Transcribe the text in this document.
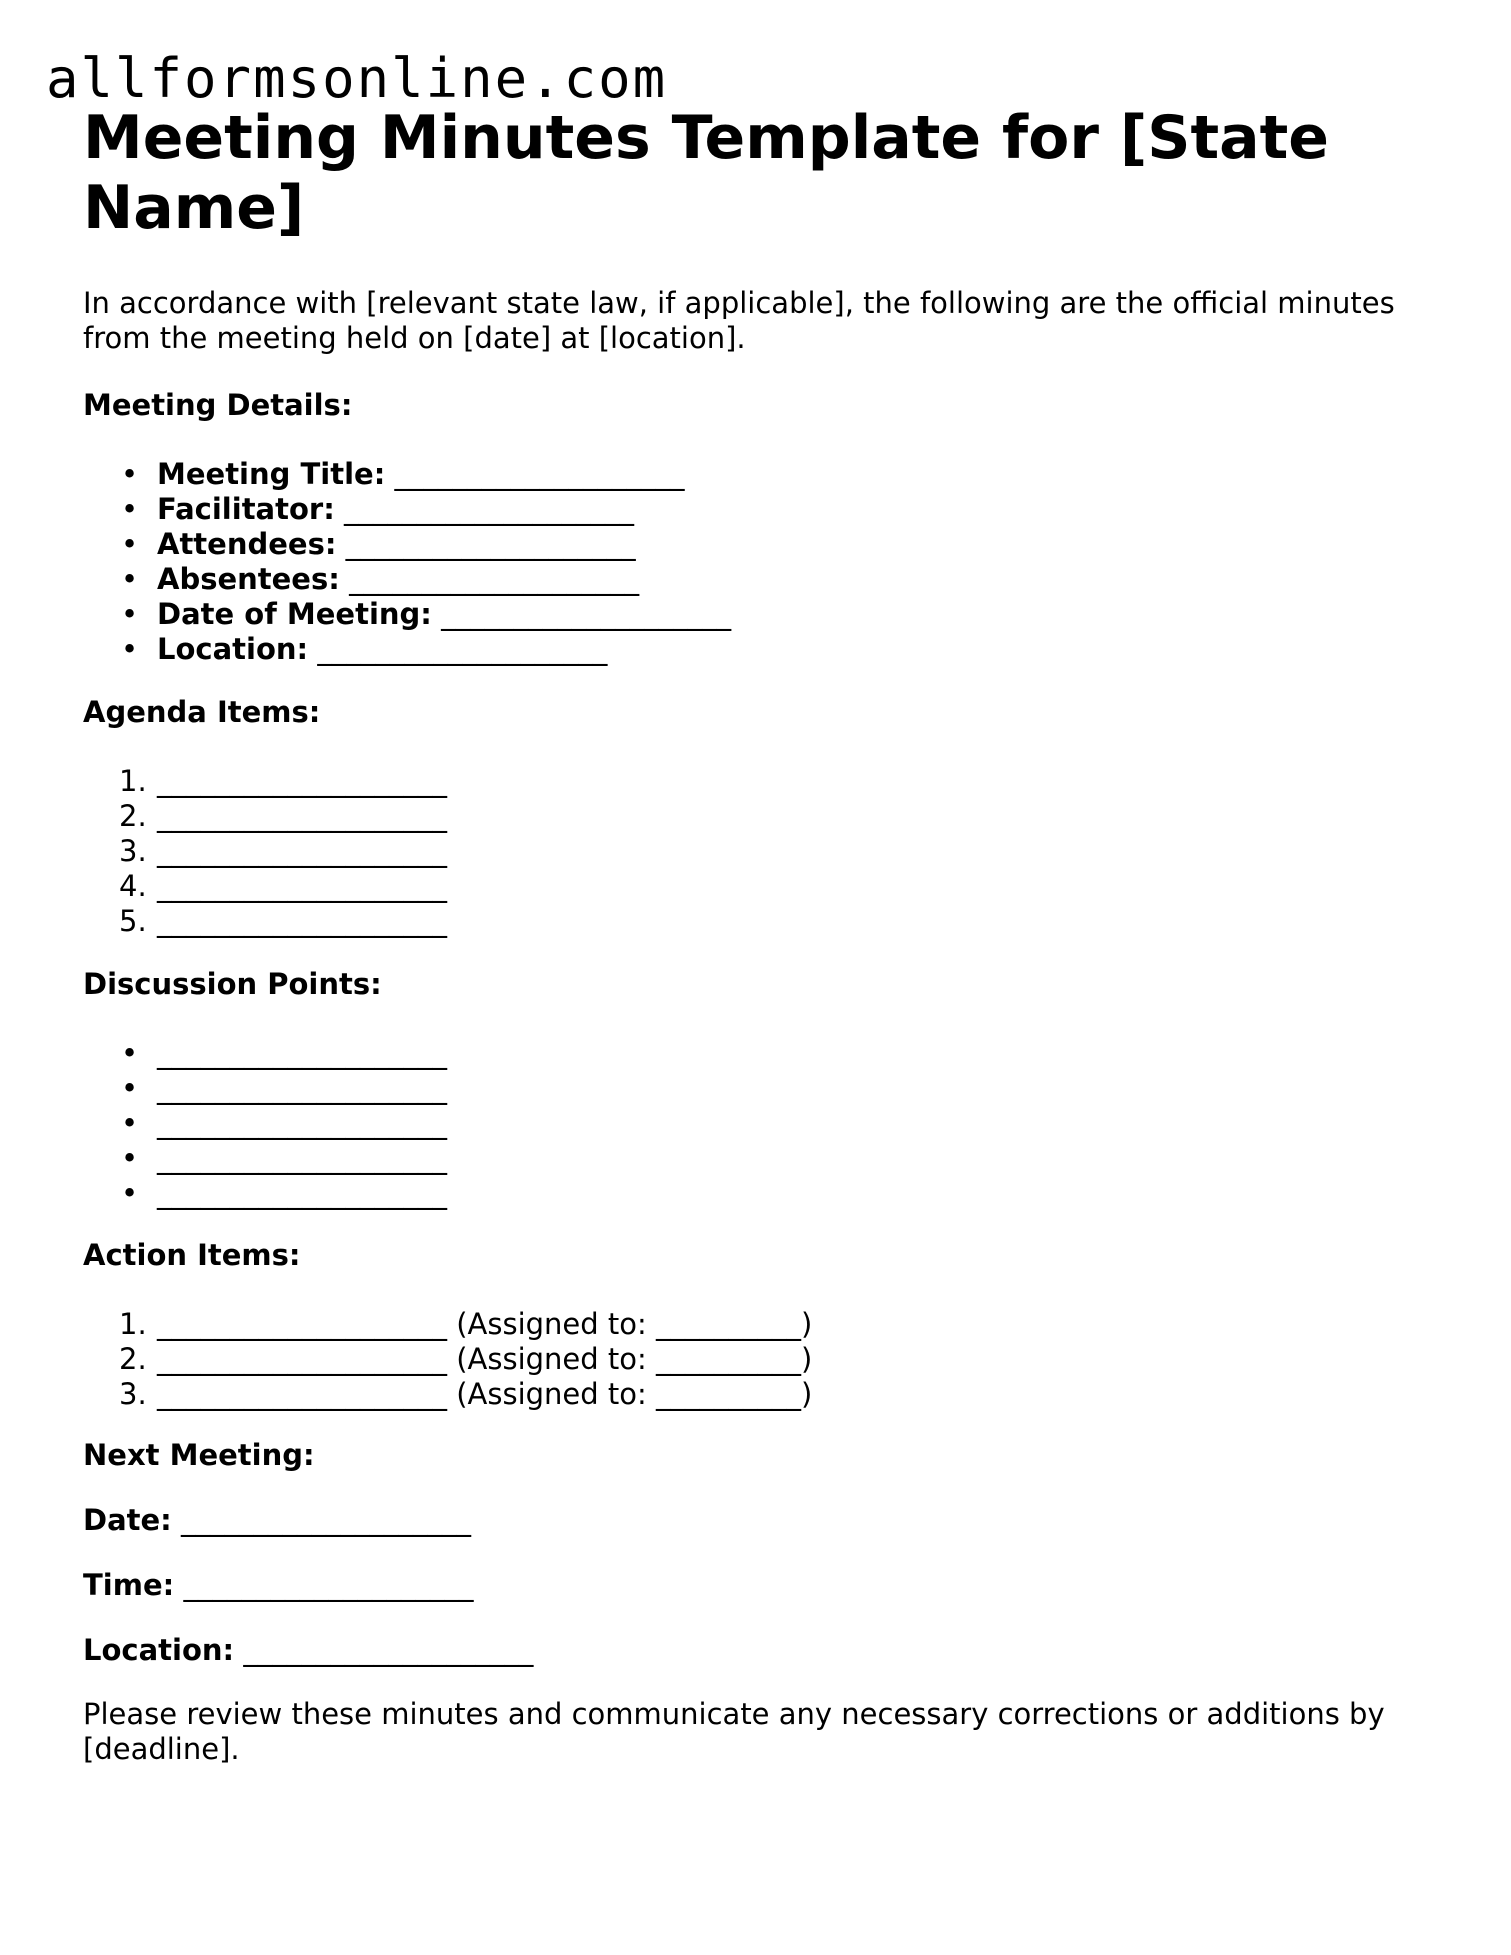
allformsonline.com
Meeting Minutes Template for [State Name]

In accordance with [relevant state law, if applicable], the following are the official minutes from the meeting held on [date] at [location].

Meeting Details:

• Meeting Title: ____________________
• Facilitator: ____________________
• Attendees: ____________________
• Absentees: ____________________
• Date of Meeting: ____________________
• Location: ____________________

Agenda Items:

1. ____________________
2. ____________________
3. ____________________
4. ____________________
5. ____________________

Discussion Points:

• ____________________
• ____________________
• ____________________
• ____________________
• ____________________

Action Items:

1. ____________________ (Assigned to: __________)
2. ____________________ (Assigned to: __________)
3. ____________________ (Assigned to: __________)

Next Meeting:

Date: ____________________

Time: ____________________

Location: ____________________

Please review these minutes and communicate any necessary corrections or additions by [deadline].
